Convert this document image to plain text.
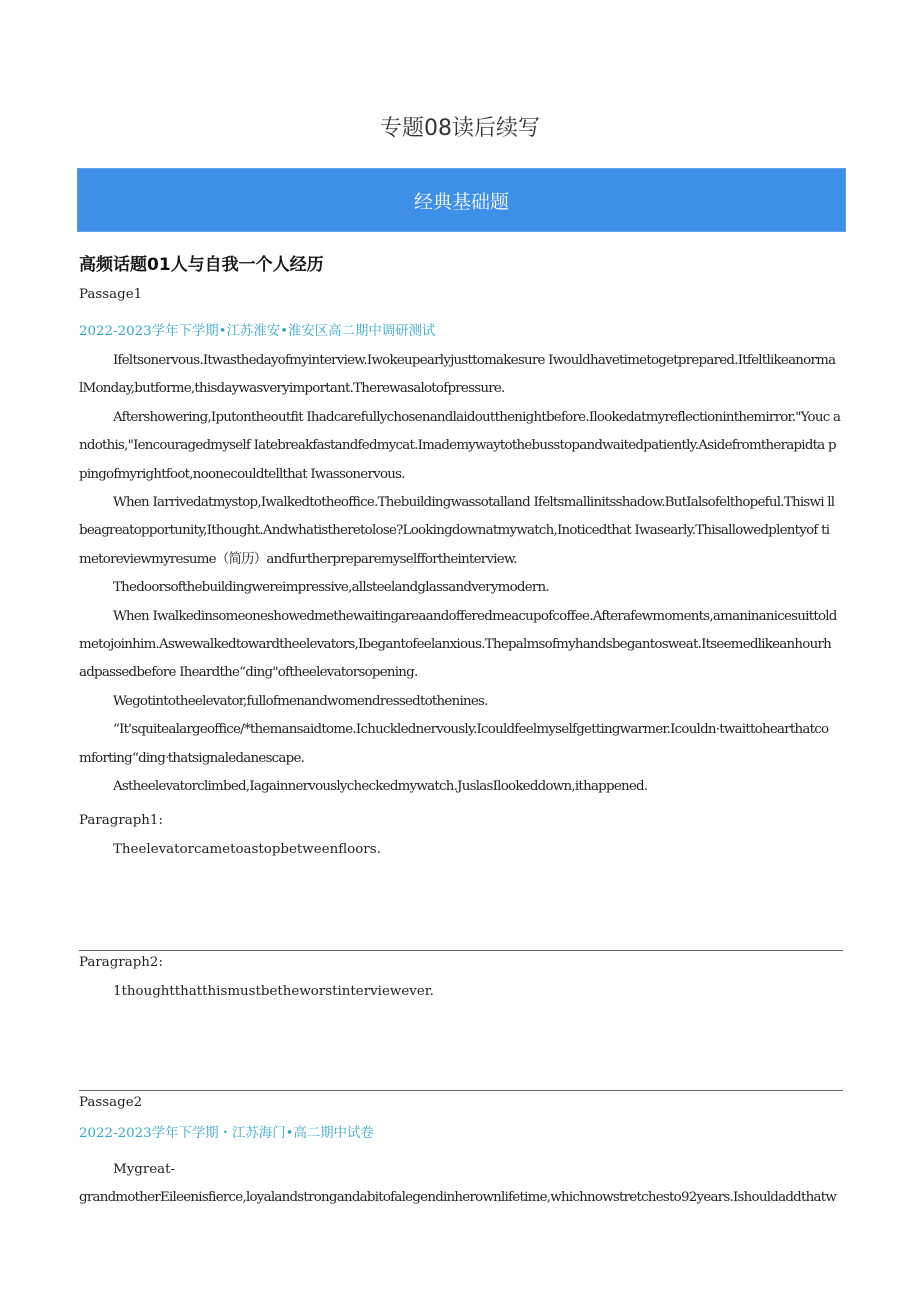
专题08读后续写
经典基础题
高频话题01人与自我一个人经历
Passage1
2022-2023学年下学期•江苏淮安•淮安区高二期中调研测试

Ifeltsonervous.Itwasthedayofmyinterview.Iwokeupearlyjusttomakesure Iwouldhavetimetogetprepared.Itfeltlikeanorma lMonday,butforme,thisdaywasveryimportant.Therewasalotofpressure.

Aftershowering,Iputontheoutfit Ihadcarefullychosenandlaidoutthenightbefore.Ilookedatmyreflectioninthemirror."Youc andothis,"Iencouragedmyself Iatebreakfastandfedmycat.Imademywaytothebusstopandwaitedpatiently.Asidefromtherapidta ppingofmyrightfoot,noonecouldtellthat Iwassonervous.

When Iarrivedatmystop,Iwalkedtotheoffice.Thebuildingwassotalland Ifeltsmallinitsshadow.ButIalsofelthopeful.Thiswi llbeagreatopportunity,Ithought.Andwhatistheretolose?Lookingdownatmywatch,Inoticedthat Iwasearly.Thisallowedplentyof timetoreviewmyresume（简历）andfurtherpreparemyselffortheinterview.

Thedoorsofthebuildingwereimpressive,allsteelandglassandverymodern.

When Iwalkedinsomeoneshowedmethewaitingareaandofferedmeacupofcoffee.Afterafewmoments,amaninanicesuittold metojoinhim.Aswewalkedtowardtheelevators,Ibegantofeelanxious.Thepalmsofmyhandsbegantosweat.Itseemedlikeanhourh adpassedbefore Iheardthe“ding"oftheelevatorsopening.

Wegotintotheelevator,fullofmenandwomendressedtothenines.

“It'squitealargeoffice/*themansaidtome.Ichucklednervously.Icouldfeelmyselfgettingwarmer.Icouldn·twaittohearthatco mforting“dingᐧthatsignaledanescape.

Astheelevatorclimbed,Iagainnervouslycheckedmywatch.JuslasIlookeddown,ithappened.

Paragraph1:
Theelevatorcametoastopbetweenfloors.
Paragraph2:
1thoughtthatthismustbetheworstinterviewever.
Passage2
2022-2023学年下学期・江苏海门•高二期中试卷
Mygreat-
grandmotherEileenisfierce,loyalandstrongandabitofalegendinherownlifetime,whichnowstretchesto92years.Ishouldaddthatw
